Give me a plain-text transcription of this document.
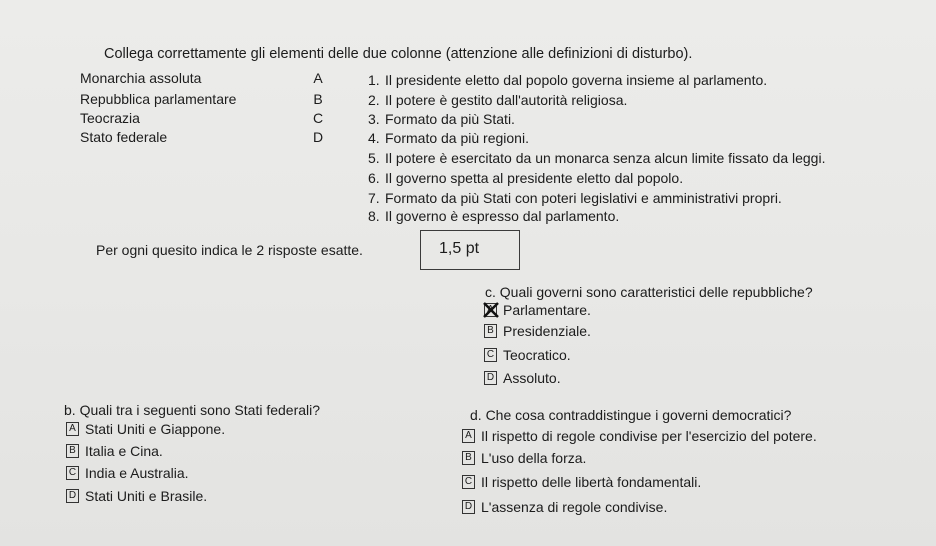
Collega correttamente gli elementi delle due colonne (attenzione alle definizioni di disturbo).
Monarchia assoluta	A
Repubblica parlamentare	B
Teocrazia	C
Stato federale	D
1. Il presidente eletto dal popolo governa insieme al parlamento.
2. Il potere è gestito dall'autorità religiosa.
3. Formato da più Stati.
4. Formato da più regioni.
5. Il potere è esercitato da un monarca senza alcun limite fissato da leggi.
6. Il governo spetta al presidente eletto dal popolo.
7. Formato da più Stati con poteri legislativi e amministrativi propri.
8. Il governo è espresso dal parlamento.
Per ogni quesito indica le 2 risposte esatte.	1,5 pt
c. Quali governi sono caratteristici delle repubbliche?
A Parlamentare.
B Presidenziale.
C Teocratico.
D Assoluto.
b. Quali tra i seguenti sono Stati federali?
A Stati Uniti e Giappone.
B Italia e Cina.
C India e Australia.
D Stati Uniti e Brasile.
d. Che cosa contraddistingue i governi democratici?
A Il rispetto di regole condivise per l'esercizio del potere.
B L'uso della forza.
C Il rispetto delle libertà fondamentali.
D L'assenza di regole condivise.
